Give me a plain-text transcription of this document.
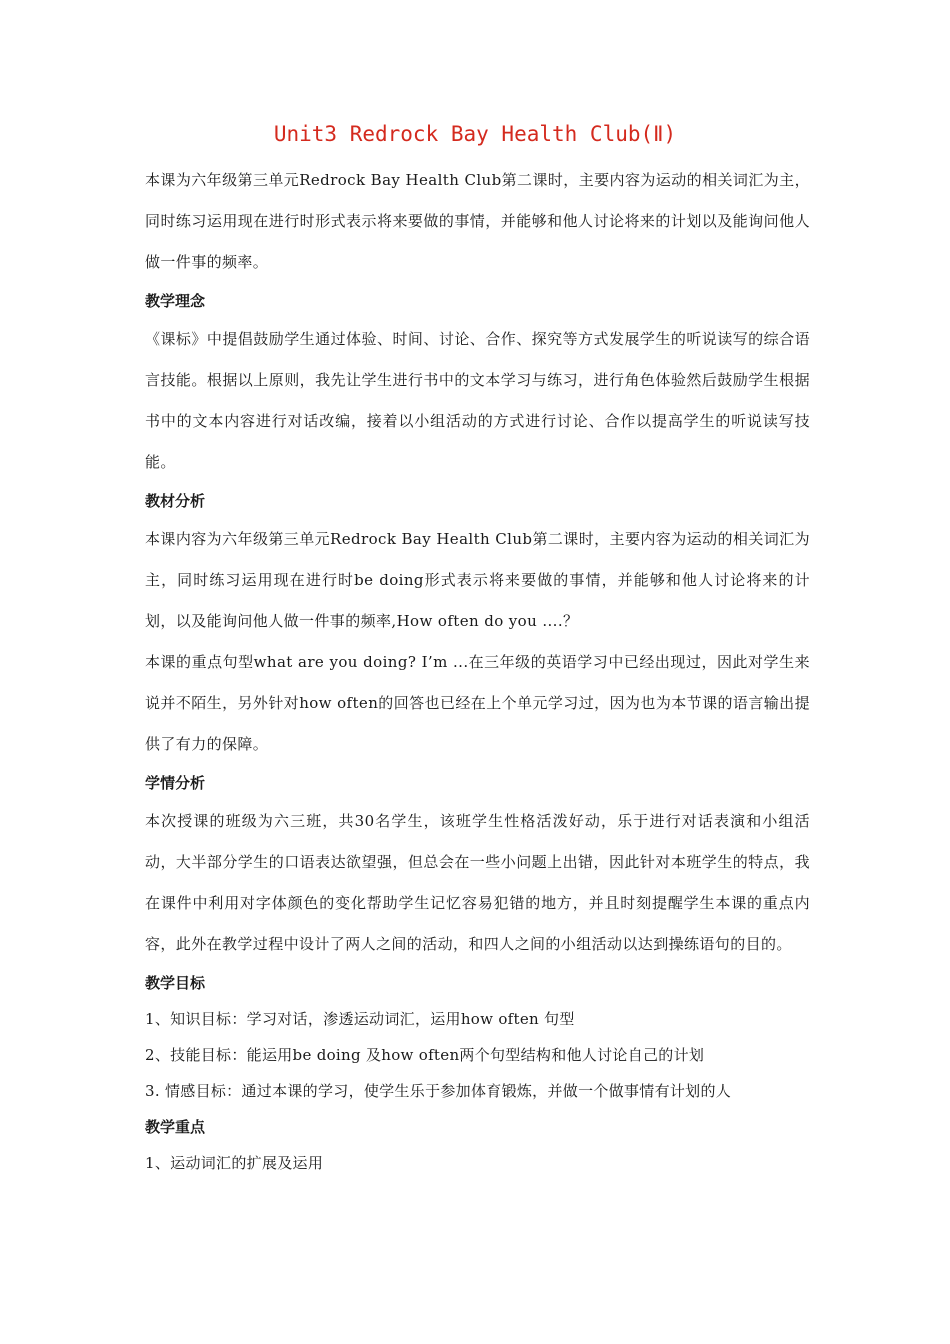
Unit3 Redrock Bay Health Club(Ⅱ)

本课为六年级第三单元Redrock Bay Health Club第二课时，主要内容为运动的相关词汇为主，同时练习运用现在进行时形式表示将来要做的事情，并能够和他人讨论将来的计划以及能询问他人做一件事的频率。

教学理念

《课标》中提倡鼓励学生通过体验、时间、讨论、合作、探究等方式发展学生的听说读写的综合语言技能。根据以上原则，我先让学生进行书中的文本学习与练习，进行角色体验然后鼓励学生根据书中的文本内容进行对话改编，接着以小组活动的方式进行讨论、合作以提高学生的听说读写技能。

教材分析

本课内容为六年级第三单元Redrock Bay Health Club第二课时，主要内容为运动的相关词汇为主，同时练习运用现在进行时be doing形式表示将来要做的事情，并能够和他人讨论将来的计划，以及能询问他人做一件事的频率,How often do you ....？

本课的重点句型what are you doing? I’m ...在三年级的英语学习中已经出现过，因此对学生来说并不陌生，另外针对how often的回答也已经在上个单元学习过，因为也为本节课的语言输出提供了有力的保障。

学情分析

本次授课的班级为六三班，共30名学生，该班学生性格活泼好动，乐于进行对话表演和小组活动，大半部分学生的口语表达欲望强，但总会在一些小问题上出错，因此针对本班学生的特点，我在课件中利用对字体颜色的变化帮助学生记忆容易犯错的地方，并且时刻提醒学生本课的重点内容，此外在教学过程中设计了两人之间的活动，和四人之间的小组活动以达到操练语句的目的。

教学目标

1、知识目标：学习对话，渗透运动词汇，运用how often 句型

2、技能目标：能运用be doing 及how often两个句型结构和他人讨论自己的计划

3. 情感目标：通过本课的学习，使学生乐于参加体育锻炼，并做一个做事情有计划的人

教学重点

1、运动词汇的扩展及运用
